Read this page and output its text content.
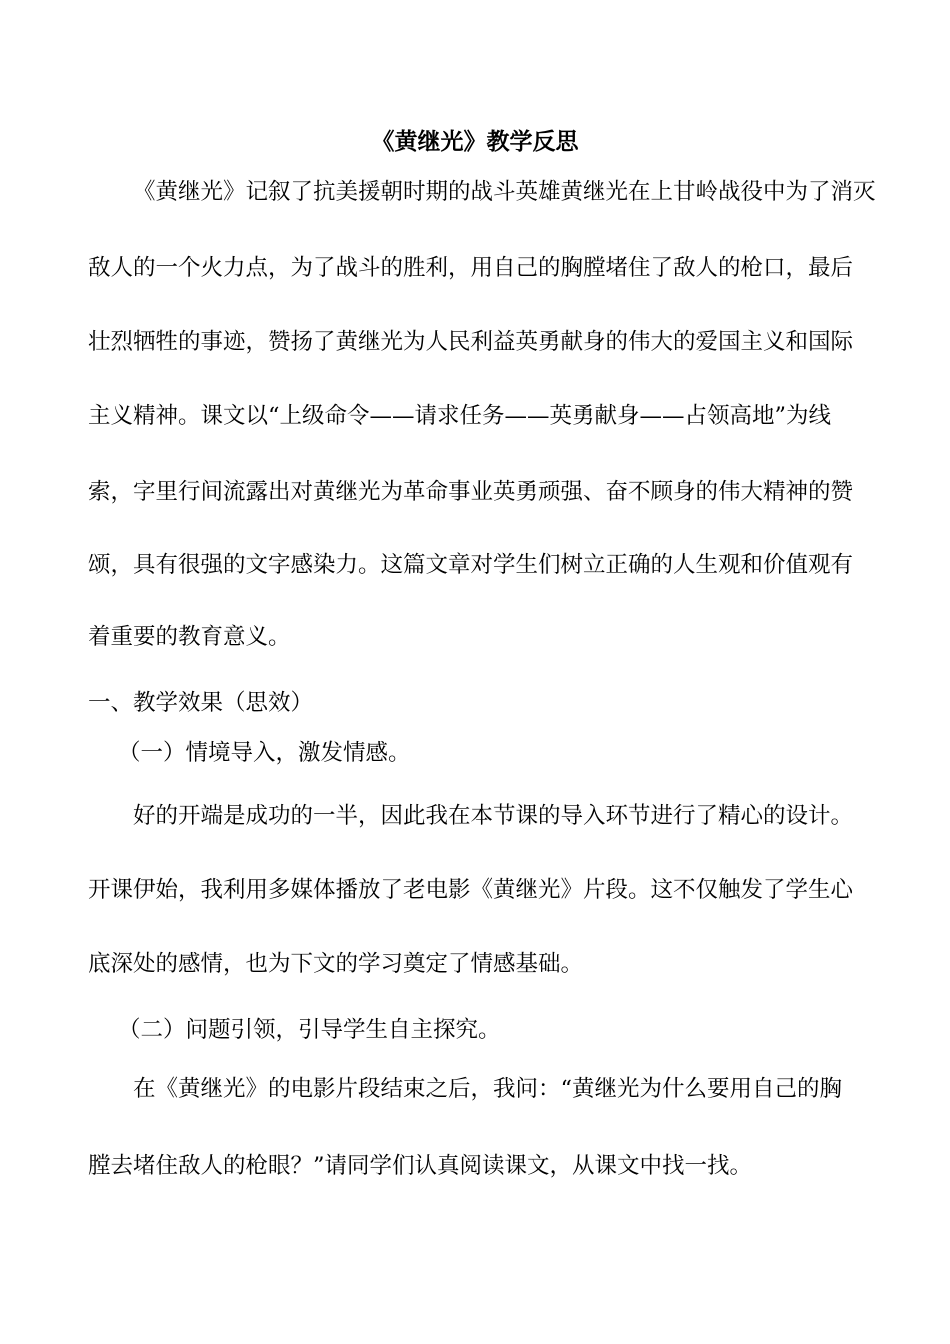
《黄继光》教学反思
《黄继光》记叙了抗美援朝时期的战斗英雄黄继光在上甘岭战役中为了消灭
敌人的一个火力点，为了战斗的胜利，用自己的胸膛堵住了敌人的枪口，最后
壮烈牺牲的事迹，赞扬了黄继光为人民利益英勇献身的伟大的爱国主义和国际
主义精神。课文以“上级命令——请求任务——英勇献身——占领高地”为线
索，字里行间流露出对黄继光为革命事业英勇顽强、奋不顾身的伟大精神的赞
颂，具有很强的文字感染力。这篇文章对学生们树立正确的人生观和价值观有
着重要的教育意义。
一、教学效果（思效）
（一）情境导入，激发情感。
好的开端是成功的一半，因此我在本节课的导入环节进行了精心的设计。
开课伊始，我利用多媒体播放了老电影《黄继光》片段。这不仅触发了学生心
底深处的感情，也为下文的学习奠定了情感基础。
（二）问题引领，引导学生自主探究。
在《黄继光》的电影片段结束之后，我问：“黄继光为什么要用自己的胸
膛去堵住敌人的枪眼？”请同学们认真阅读课文，从课文中找一找。
